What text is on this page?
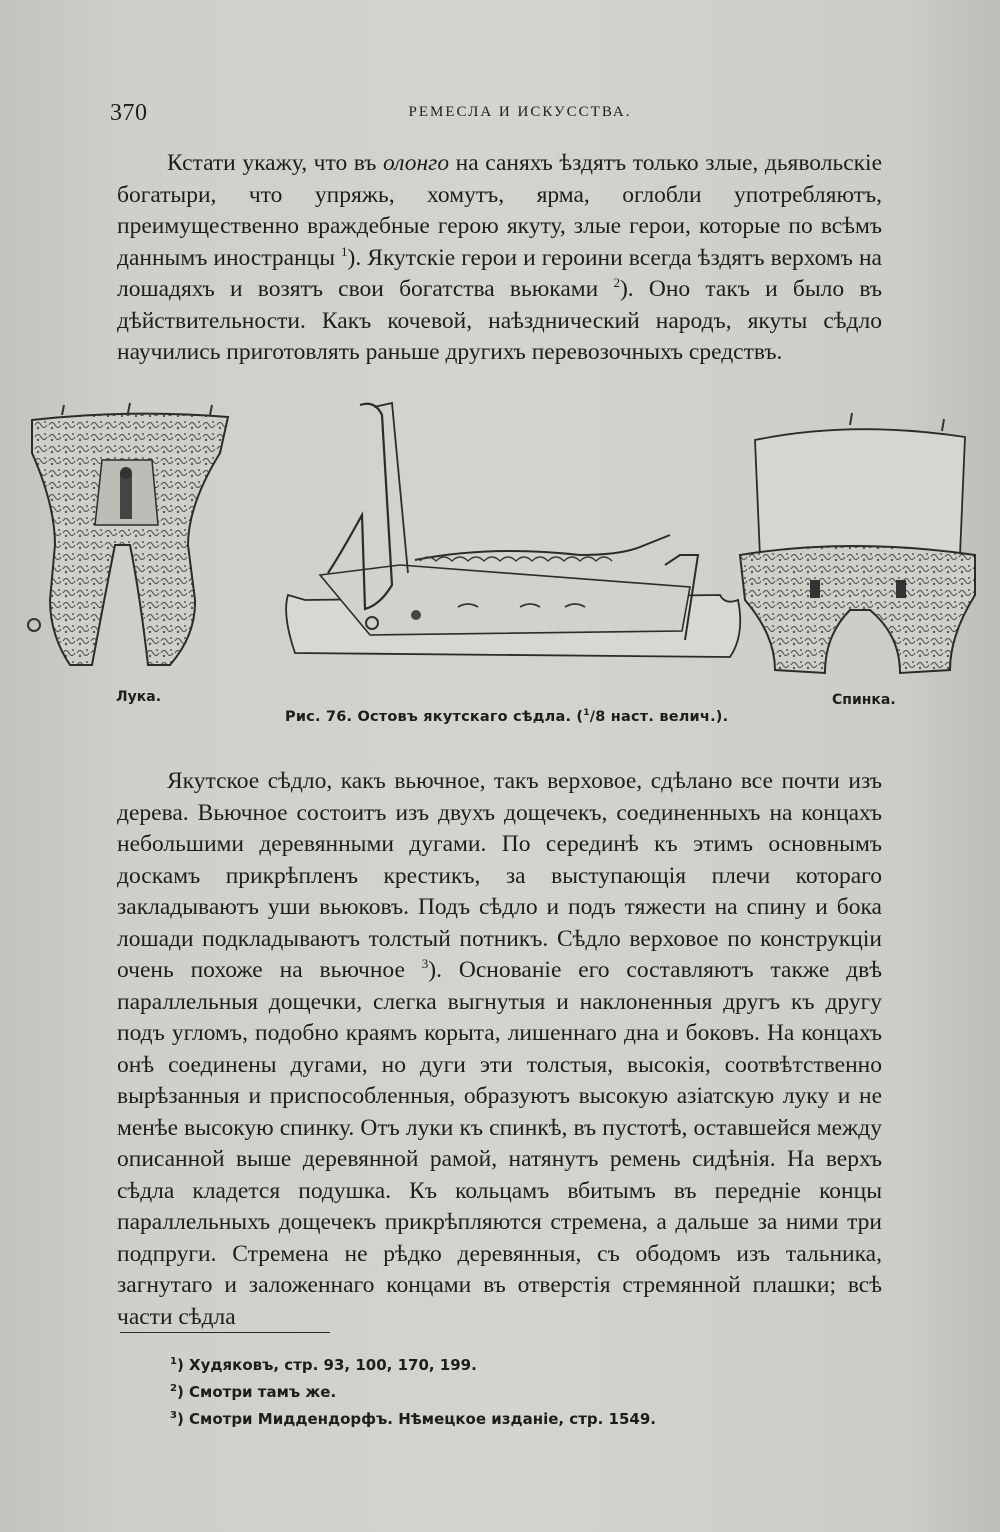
370	РЕМЕСЛА И ИСКУССТВА.

Кстати укажу, что въ олонго на саняхъ ѣздятъ только злые, дьявольскiе богатыри, что упряжь, хомутъ, ярма, оглобли употребляютъ, преимущественно враждебные герою якуту, злые герои, которые по всѣмъ даннымъ иностранцы $^1$). Якутскiе герои и героини всегда ѣздятъ верхомъ на лошадяхъ и возятъ свои богатства вьюками $^2$). Оно такъ и было въ дѣйствительности. Какъ кочевой, наѣзднический народъ, якуты сѣдло научились приготовлять раньше другихъ перевозочныхъ средствъ.

Лука.	Спинка.
Рис. 76. Остовъ якутскаго сѣдла. ($^1$/8 наст. велич.).

Якутское сѣдло, какъ вьючное, такъ верховое, сдѣлано все почти изъ дерева. Вьючное состоитъ изъ двухъ дощечекъ, соединенныхъ на концахъ небольшими деревянными дугами. По серединѣ къ этимъ основнымъ доскамъ прикрѣпленъ крестикъ, за выступающiя плечи котораго закладываютъ уши вьюковъ. Подъ сѣдло и подъ тяжести на спину и бока лошади подкладываютъ толстый потникъ. Сѣдло верховое по конструкцiи очень похоже на вьючное $^3$). Основанiе его составляютъ также двѣ параллельныя дощечки, слегка выгнутыя и наклоненныя другъ къ другу подъ угломъ, подобно краямъ корыта, лишеннаго дна и боковъ. На концахъ онѣ соединены дугами, но дуги эти толстыя, высокiя, соотвѣтственно вырѣзанныя и приспособленныя, образуютъ высокую азiатскую луку и не менѣе высокую спинку. Отъ луки къ спинкѣ, въ пустотѣ, оставшейся между описанной выше деревянной рамой, натянутъ ремень сидѣнiя. На верхъ сѣдла кладется подушка. Къ кольцамъ вбитымъ въ переднiе концы параллельныхъ дощечекъ прикрѣпляются стремена, а дальше за ними три подпруги. Стремена не рѣдко деревянныя, съ ободомъ изъ тальника, загнутаго и заложеннаго концами въ отверстiя стремянной плашки; всѣ части сѣдла

$^1$) Худяковъ, стр. 93, 100, 170, 199.
$^2$) Смотри тамъ же.
$^3$) Смотри Миддендорфъ. Нѣмецкое изданiе, стр. 1549.
